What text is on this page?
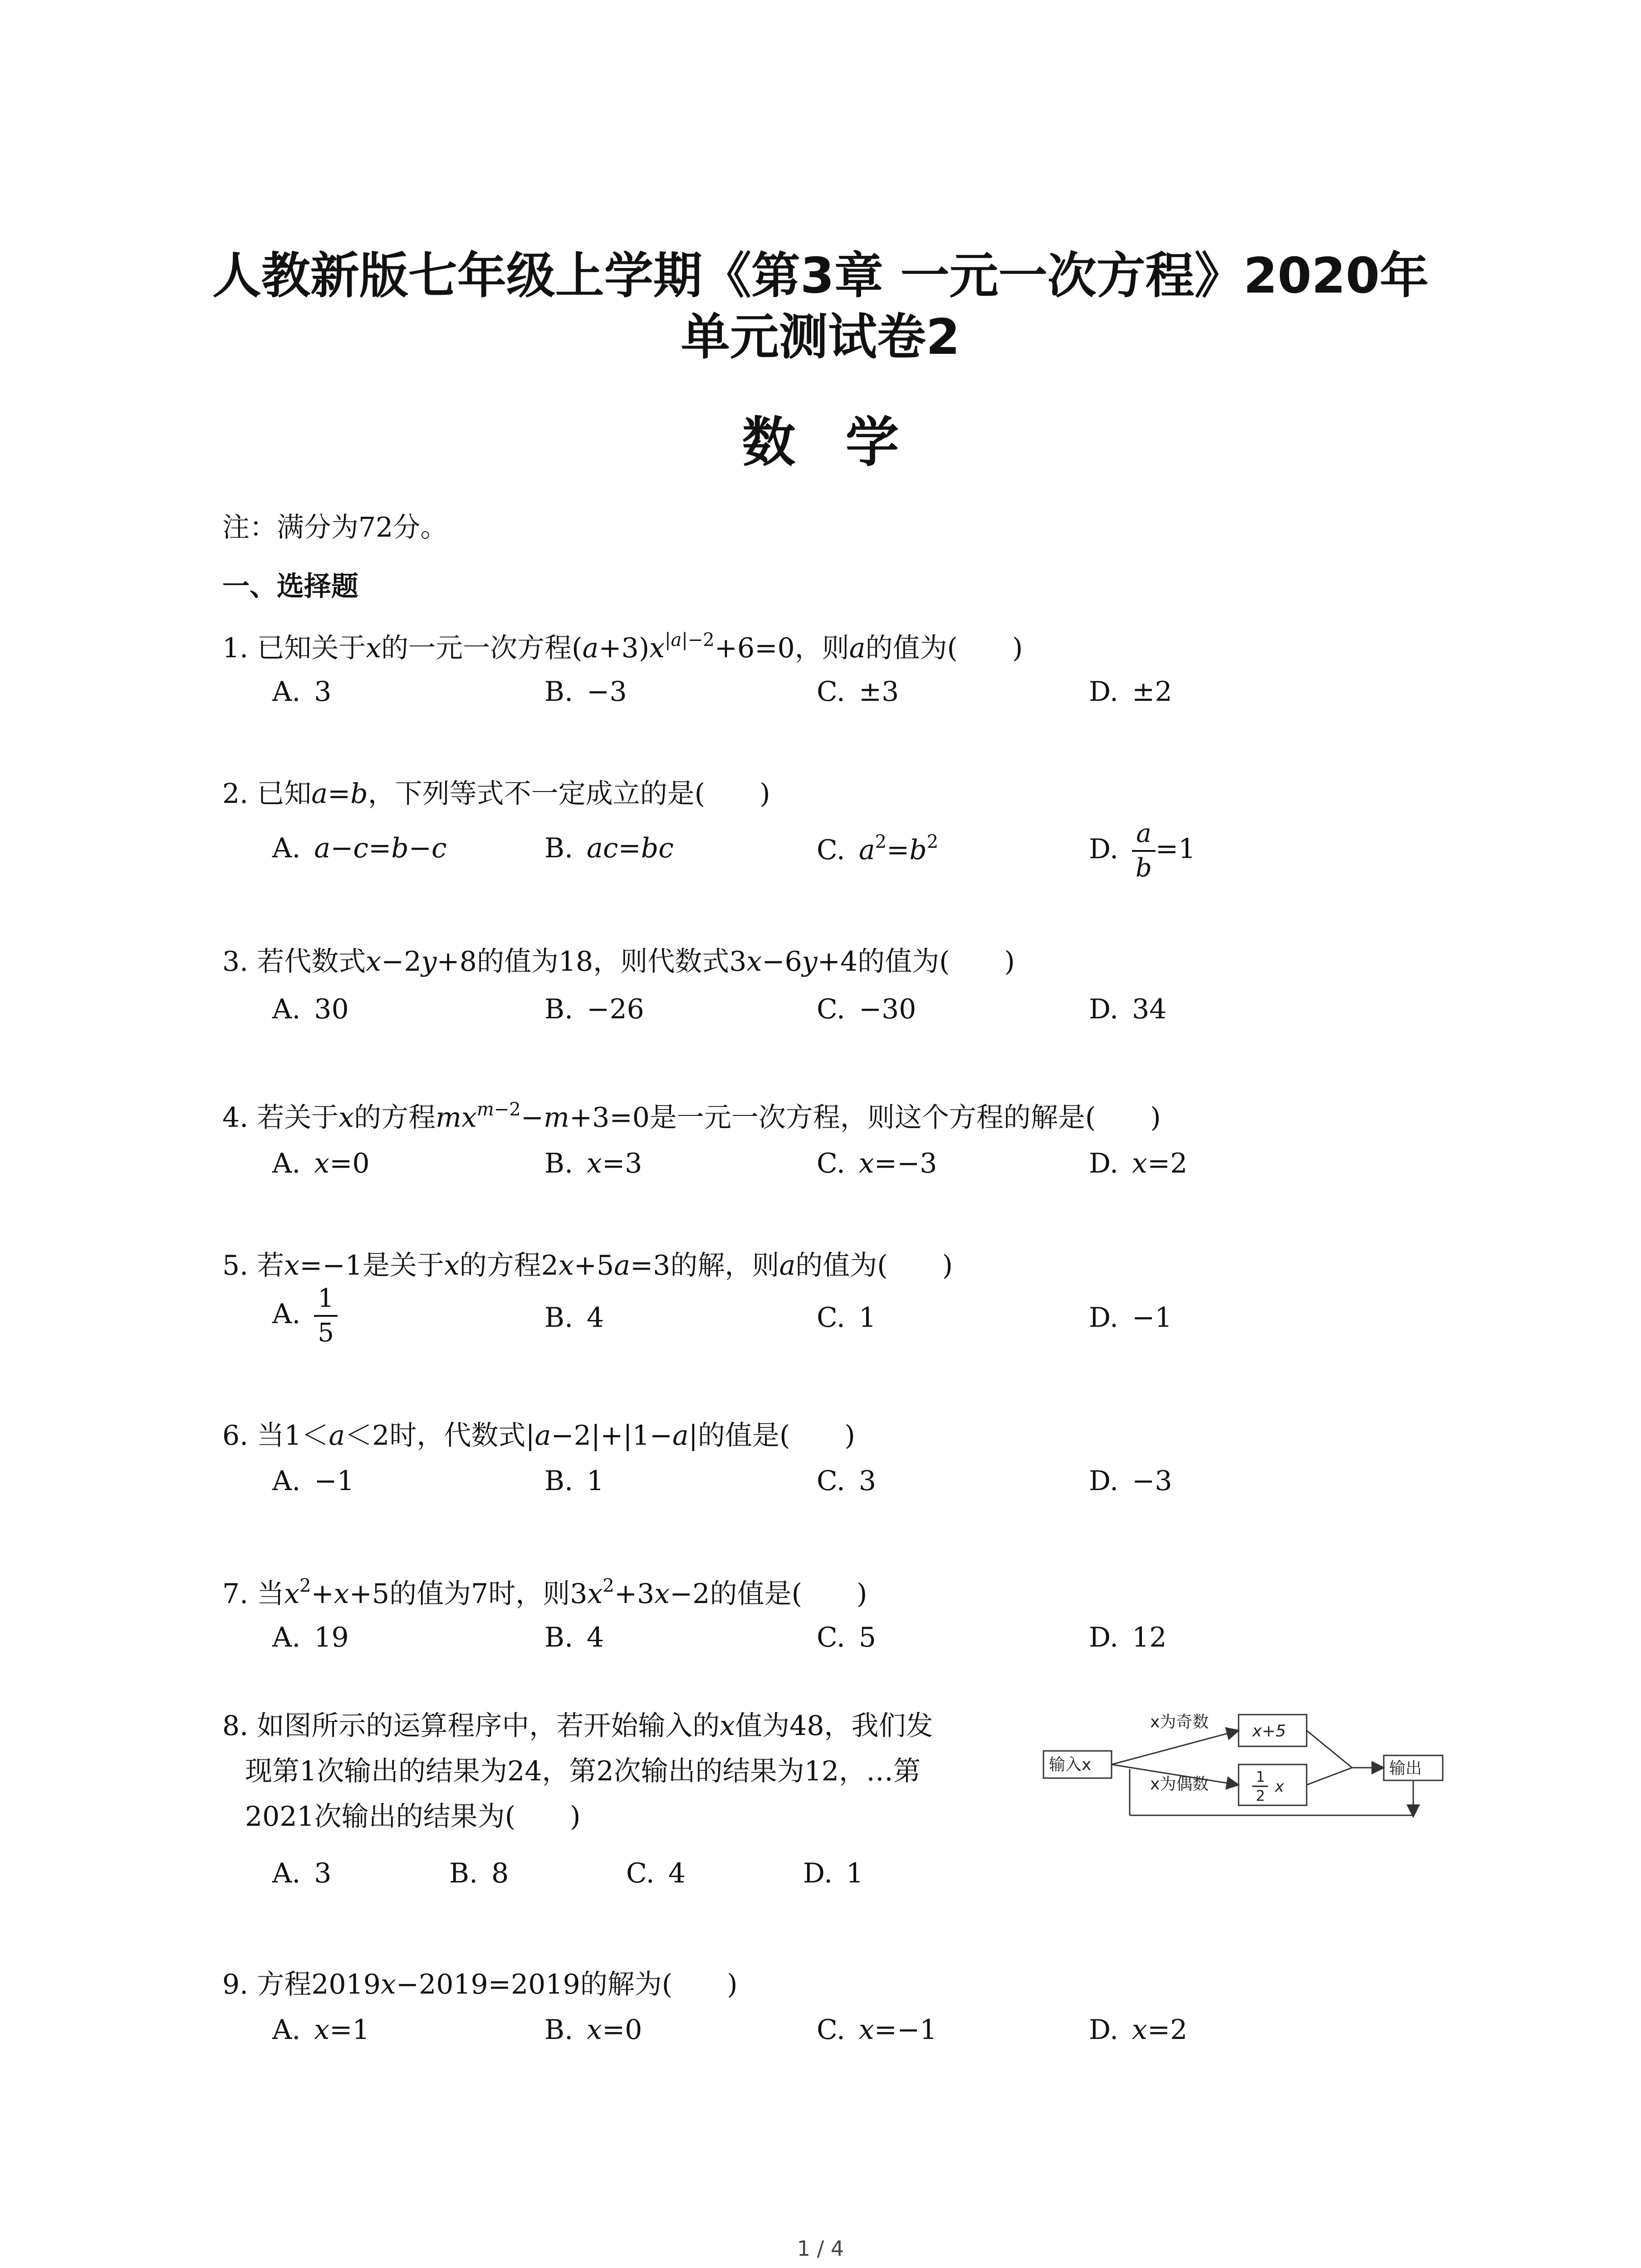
人教新版七年级上学期《第3章 一元一次方程》2020年
单元测试卷2
数学
注：满分为72分。
一、选择题
1. 已知关于x的一元一次方程$(a+3)x^{|a|-2}+6=0$，则a的值为(　　)
A. 3	B. −3	C. ±3	D. ±2
2. 已知a=b，下列等式不一定成立的是(　　)
A. a−c=b−c	B. ac=bc	C. $a^2=b^2$	D. $\frac{a}{b} =1$
3. 若代数式x−2y+8的值为18，则代数式3x−6y+4的值为(　　)
A. 30	B. −26	C. −30	D. 34
4. 若关于x的方程$mx^{m-2}-m+3=0$是一元一次方程，则这个方程的解是(　　)
A. x=0	B. x=3	C. x=−3	D. x=2
5. 若x=−1是关于x的方程2x+5a=3的解，则a的值为(　　)
A. $\frac{1}{5}$	B. 4	C. 1	D. −1
6. 当1＜a＜2时，代数式|a−2|+|1−a|的值是(　　)
A. −1	B. 1	C. 3	D. −3
7. 当$x^2+x+5$的值为7时，则$3x^2+3x-2$的值是(　　)
A. 19	B. 4	C. 5	D. 12
8. 如图所示的运算程序中，若开始输入的x值为48，我们发
现第1次输出的结果为24，第2次输出的结果为12，…第
2021次输出的结果为(　　)
A. 3	B. 8	C. 4	D. 1
输入x
x为奇数
x为偶数
x+5
输出
1
2 x
9. 方程2019x−2019=2019的解为(　　)
A. x=1	B. x=0	C. x=−1	D. x=2
1 / 4
